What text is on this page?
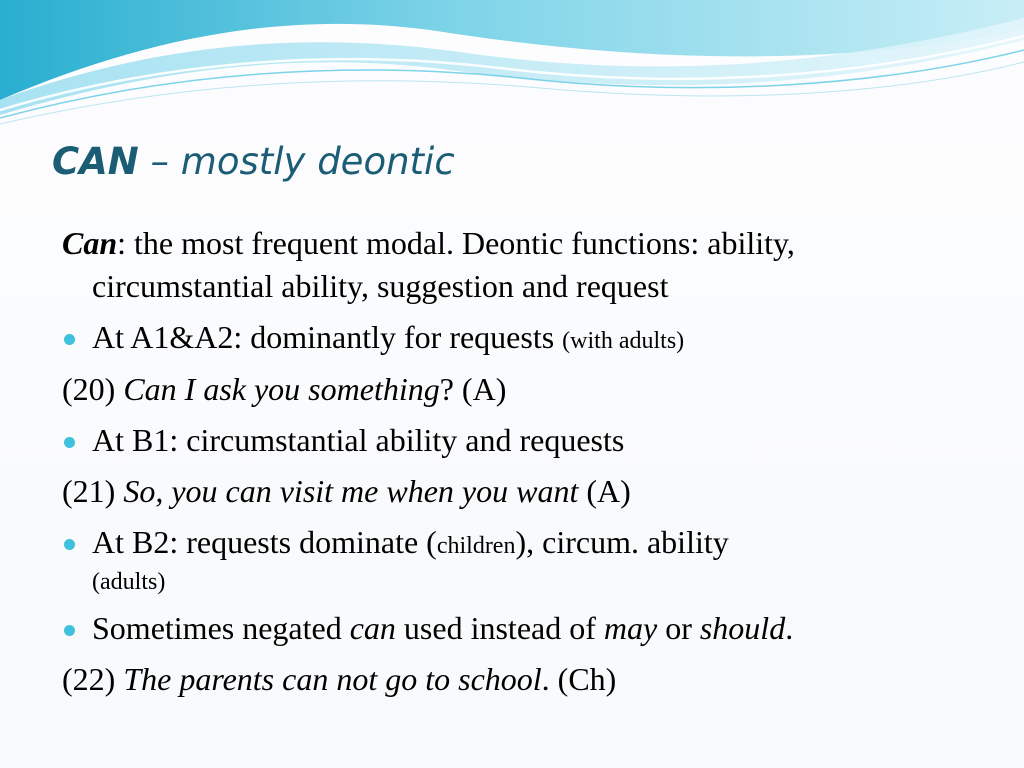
CAN – mostly deontic
Can: the most frequent modal. Deontic functions: ability, circumstantial ability, suggestion and request
At A1&A2: dominantly for requests (with adults)
(20) Can I ask you something? (A)
At B1: circumstantial ability and requests
(21) So, you can visit me when you want (A)
At B2: requests dominate (children), circum. ability
(adults)
Sometimes negated can used instead of may or should.
(22) The parents can not go to school. (Ch)
